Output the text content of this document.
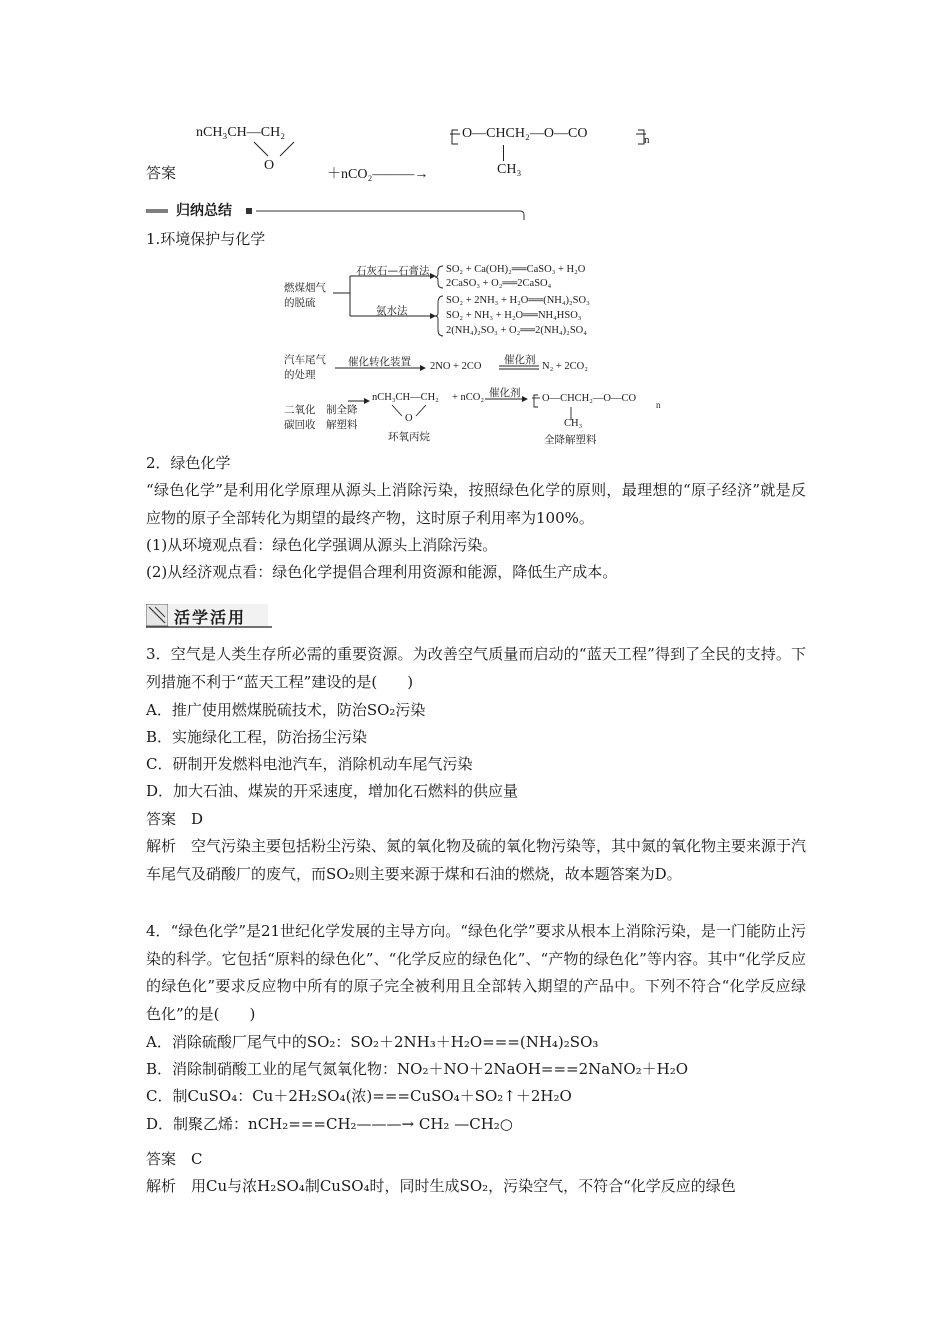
nCH₃CH—CH₂
O
答案	＋nCO₂———→
O—CHCH₂—O—CO	n
CH₃
归纳总结
1.环境保护与化学
燃煤烟气
的脱硫
石灰石—石膏法 SO₂ + Ca(OH)₂══CaSO₃ + H₂O
2CaSO₃ + O₂══2CaSO₄
氨水法
SO₂ + 2NH₃ + H₂O══(NH₄)₂SO₃
SO₂ + NH₃ + H₂O══NH₄HSO₃
2(NH₄)₂SO₃ + O₂══2(NH₄)₂SO₄
汽车尾气
的处理
催化转化装置 2NO + 2CO
催化剂
N₂ + 2CO₂
二氧化
碳回收
制全降
解塑料
nCH₃CH—CH₂ + nCO₂
O
环氧丙烷
催化剂 O—CHCH₂—O—CO
n
CH₃
全降解塑料
2．绿色化学
“绿色化学”是利用化学原理从源头上消除污染，按照绿色化学的原则，最理想的“原子经济”就是反应物的原子全部转化为期望的最终产物，这时原子利用率为100%。
(1)从环境观点看：绿色化学强调从源头上消除污染。
(2)从经济观点看：绿色化学提倡合理利用资源和能源，降低生产成本。
活学活用
3．空气是人类生存所必需的重要资源。为改善空气质量而启动的“蓝天工程”得到了全民的支持。下列措施不利于“蓝天工程”建设的是(　　)
A．推广使用燃煤脱硫技术，防治SO₂污染
B．实施绿化工程，防治扬尘污染
C．研制开发燃料电池汽车，消除机动车尾气污染
D．加大石油、煤炭的开采速度，增加化石燃料的供应量
答案　D
解析　空气污染主要包括粉尘污染、氮的氧化物及硫的氧化物污染等，其中氮的氧化物主要来源于汽车尾气及硝酸厂的废气，而SO₂则主要来源于煤和石油的燃烧，故本题答案为D。
4．“绿色化学”是21世纪化学发展的主导方向。“绿色化学”要求从根本上消除污染，是一门能防止污染的科学。它包括“原料的绿色化”、“化学反应的绿色化”、“产物的绿色化”等内容。其中“化学反应的绿色化”要求反应物中所有的原子完全被利用且全部转入期望的产品中。下列不符合“化学反应绿色化”的是(　　)
A．消除硫酸厂尾气中的SO₂：SO₂＋2NH₃＋H₂O===(NH₄)₂SO₃
B．消除制硝酸工业的尾气氮氧化物：NO₂＋NO＋2NaOH===2NaNO₂＋H₂O
C．制CuSO₄：Cu＋2H₂SO₄(浓)===CuSO₄＋SO₂↑＋2H₂O
D．制聚乙烯：nCH₂===CH₂———→ CH₂ —CH₂○
答案　C
解析　用Cu与浓H₂SO₄制CuSO₄时，同时生成SO₂，污染空气，不符合“化学反应的绿色
